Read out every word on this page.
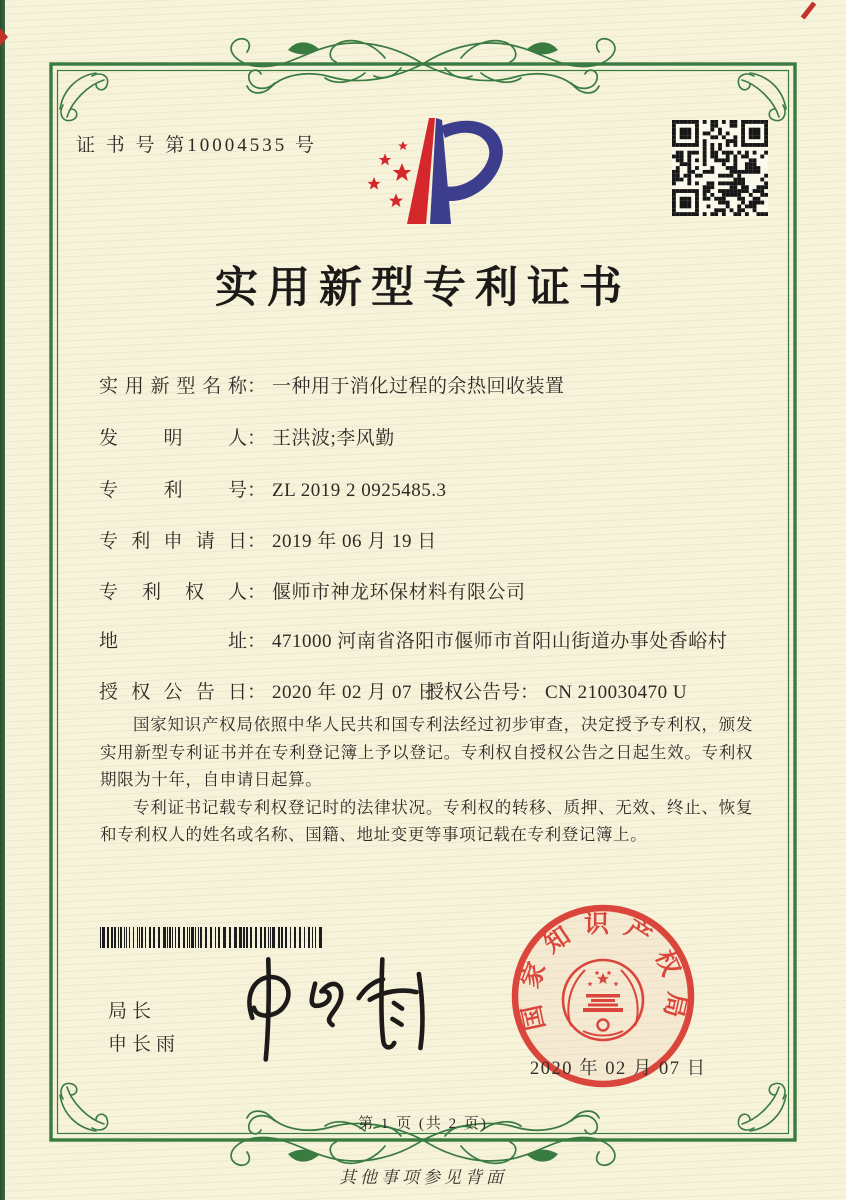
证 书 号 第10004535 号
实用新型专利证书
实用新型名称： 一种用于消化过程的余热回收装置
发明人： 王洪波;李风勤
专利号： ZL 2019 2 0925485.3
专利申请日： 2019 年 06 月 19 日
专利权人： 偃师市神龙环保材料有限公司
地址： 471000 河南省洛阳市偃师市首阳山街道办事处香峪村
授权公告日： 2020 年 02 月 07 日
授权公告号： CN 210030470 U

国家知识产权局依照中华人民共和国专利法经过初步审查，决定授予专利权，颁发实用新型专利证书并在专利登记簿上予以登记。专利权自授权公告之日起生效。专利权期限为十年，自申请日起算。

专利证书记载专利权登记时的法律状况。专利权的转移、质押、无效、终止、恢复和专利权人的姓名或名称、国籍、地址变更等事项记载在专利登记簿上。

局长
申长雨
国家知识产权局
2020 年 02 月 07 日
第 1 页 (共 2 页)
其他事项参见背面
